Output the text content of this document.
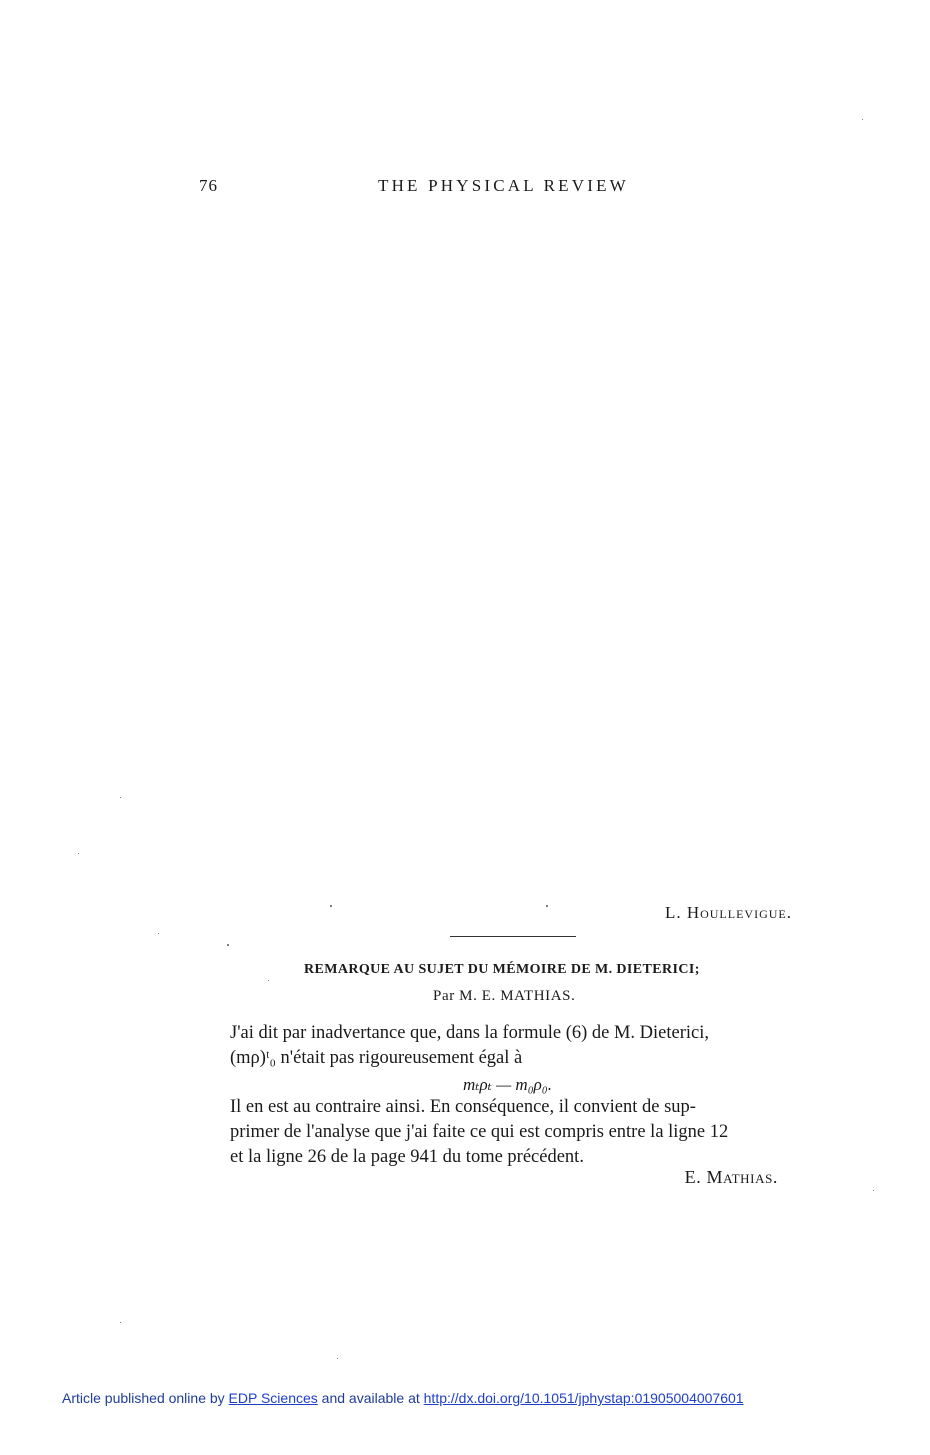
76	THE PHYSICAL REVIEW
L. Houllevigue.
REMARQUE AU SUJET DU MÉMOIRE DE M. DIETERICI;
Par M. E. MATHIAS.
J'ai dit par inadvertance que, dans la formule (6) de M. Dieterici,
(mρ)ᵗ₀ n'était pas rigoureusement égal à
mₜρₜ — m₀ρ₀.
Il en est au contraire ainsi. En conséquence, il convient de sup-
primer de l'analyse que j'ai faite ce qui est compris entre la ligne 12
et la ligne 26 de la page 941 du tome précédent.
E. Mathias.
Article published online by EDP Sciences and available at http://dx.doi.org/10.1051/jphystap:01905004007601
